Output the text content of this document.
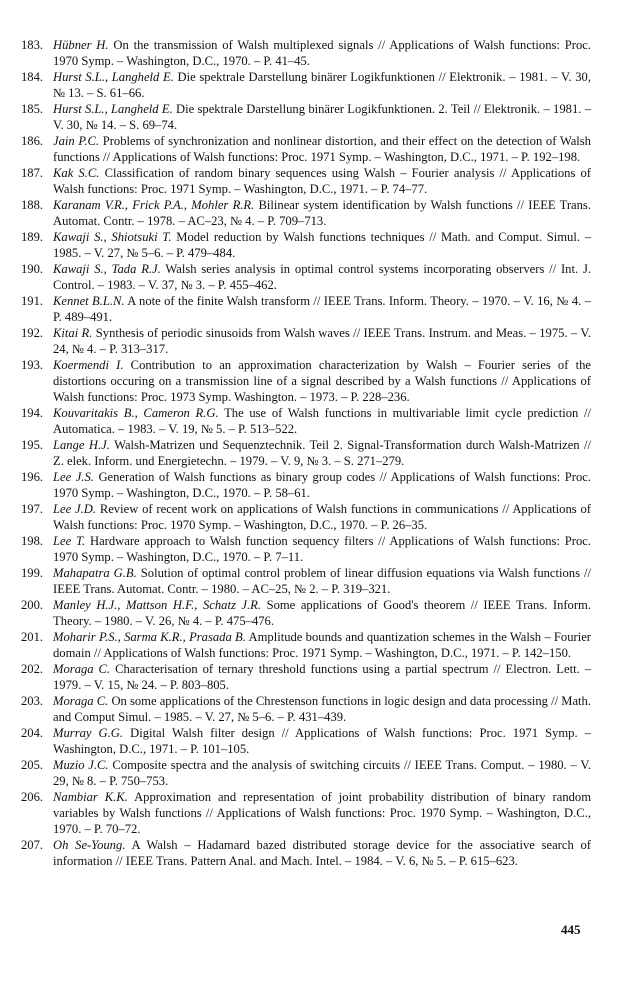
183. Hübner H. On the transmission of Walsh multiplexed signals // Applications of Walsh functions: Proc. 1970 Symp. – Washington, D.C., 1970. – P. 41–45.
184. Hurst S.L., Langheld E. Die spektrale Darstellung binärer Logikfunktionen // Elektronik. – 1981. – V. 30, № 13. – S. 61–66.
185. Hurst S.L., Langheld E. Die spektrale Darstellung binärer Logikfunktionen. 2. Teil // Elektronik. – 1981. – V. 30, № 14. – S. 69–74.
186. Jain P.C. Problems of synchronization and nonlinear distortion, and their effect on the detection of Walsh functions // Applications of Walsh functions: Proc. 1971 Symp. – Washington, D.C., 1971. – P. 192–198.
187. Kak S.C. Classification of random binary sequences using Walsh – Fourier analysis // Applications of Walsh functions: Proc. 1971 Symp. – Washington, D.C., 1971. – P. 74–77.
188. Karanam V.R., Frick P.A., Mohler R.R. Bilinear system identification by Walsh functions // IEEE Trans. Automat. Contr. – 1978. – AC–23, № 4. – P. 709–713.
189. Kawaji S., Shiotsuki T. Model reduction by Walsh functions techniques // Math. and Comput. Simul. – 1985. – V. 27, № 5–6. – P. 479–484.
190. Kawaji S., Tada R.J. Walsh series analysis in optimal control systems incorporating observers // Int. J. Control. – 1983. – V. 37, № 3. – P. 455–462.
191. Kennet B.L.N. A note of the finite Walsh transform // IEEE Trans. Inform. Theory. – 1970. – V. 16, № 4. – P. 489–491.
192. Kitai R. Synthesis of periodic sinusoids from Walsh waves // IEEE Trans. Instrum. and Meas. – 1975. – V. 24, № 4. – P. 313–317.
193. Koermendi I. Contribution to an approximation characterization by Walsh – Fourier series of the distortions occuring on a transmission line of a signal described by a Walsh functions // Applications of Walsh functions: Proc. 1973 Symp. Washington. – 1973. – P. 228–236.
194. Kouvaritakis B., Cameron R.G. The use of Walsh functions in multivariable limit cycle prediction // Automatica. – 1983. – V. 19, № 5. – P. 513–522.
195. Lange H.J. Walsh-Matrizen und Sequenztechnik. Teil 2. Signal-Transformation durch Walsh-Matrizen // Z. elek. Inform. und Energietechn. – 1979. – V. 9, № 3. – S. 271–279.
196. Lee J.S. Generation of Walsh functions as binary group codes // Applications of Walsh functions: Proc. 1970 Symp. – Washington, D.C., 1970. – P. 58–61.
197. Lee J.D. Review of recent work on applications of Walsh functions in communications // Applications of Walsh functions: Proc. 1970 Symp. – Washington, D.C., 1970. – P. 26–35.
198. Lee T. Hardware approach to Walsh function sequency filters // Applications of Walsh functions: Proc. 1970 Symp. – Washington, D.C., 1970. – P. 7–11.
199. Mahapatra G.B. Solution of optimal control problem of linear diffusion equations via Walsh functions // IEEE Trans. Automat. Contr. – 1980. – AC–25, № 2. – P. 319–321.
200. Manley H.J., Mattson H.F., Schatz J.R. Some applications of Good's theorem // IEEE Trans. Inform. Theory. – 1980. – V. 26, № 4. – P. 475–476.
201. Moharir P.S., Sarma K.R., Prasada B. Amplitude bounds and quantization schemes in the Walsh – Fourier domain // Applications of Walsh functions: Proc. 1971 Symp. – Washington, D.C., 1971. – P. 142–150.
202. Moraga C. Characterisation of ternary threshold functions using a partial spectrum // Electron. Lett. – 1979. – V. 15, № 24. – P. 803–805.
203. Moraga C. On some applications of the Chrestenson functions in logic design and data processing // Math. and Comput Simul. – 1985. – V. 27, № 5–6. – P. 431–439.
204. Murray G.G. Digital Walsh filter design // Applications of Walsh functions: Proc. 1971 Symp. – Washington, D.C., 1971. – P. 101–105.
205. Muzio J.C. Composite spectra and the analysis of switching circuits // IEEE Trans. Comput. – 1980. – V. 29, № 8. – P. 750–753.
206. Nambiar K.K. Approximation and representation of joint probability distribution of binary random variables by Walsh functions // Applications of Walsh functions: Proc. 1970 Symp. – Washington, D.C., 1970. – P. 70–72.
207. Oh Se-Young. A Walsh – Hadamard bazed distributed storage device for the associative search of information // IEEE Trans. Pattern Anal. and Mach. Intel. – 1984. – V. 6, № 5. – P. 615–623.
445
